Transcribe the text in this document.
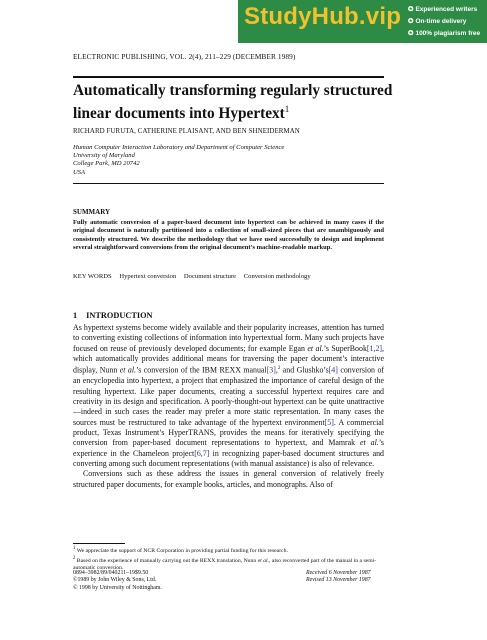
StudyHub.vip ✪ Experienced writers
✪ On-time delivery
✪ 100% plagiarism free
ELECTRONIC PUBLISHING, VOL. 2(4), 211–229 (DECEMBER 1989)
Automatically transforming regularly structured linear documents into Hypertext$^1$
RICHARD FURUTA, CATHERINE PLAISANT, AND BEN SHNEIDERMAN
Human Computer Interaction Laboratory and Department of Computer Science
University of Maryland
College Park, MD 20742
USA
SUMMARY
Fully automatic conversion of a paper-based document into hypertext can be achieved in many cases if the original document is naturally partitioned into a collection of small-sized pieces that are unambiguously and consistently structured. We describe the methodology that we have used successfully to design and implement several straightforward conversions from the original document’s machine-readable markup.
KEY WORDS Hypertext conversion Document structure Conversion methodology
1 INTRODUCTION

As hypertext systems become widely available and their popularity increases, attention has turned to converting existing collections of information into hypertextual form. Many such projects have focused on reuse of previously developed documents; for example Egan et al.’s SuperBook[1,2], which automatically provides additional means for traversing the paper document’s interactive display, Nunn et al.’s conversion of the IBM REXX manual[3],$^2$ and Glushko’s[4] conversion of an encyclopedia into hypertext, a project that emphasized the importance of careful design of the resulting hypertext. Like paper documents, creating a successful hypertext requires care and creativity in its design and specification. A poorly-thought-out hypertext can be quite unattractive—indeed in such cases the reader may prefer a more static representation. In many cases the sources must be restructured to take advantage of the hypertext environment[5]. A commercial product, Texas Instrument’s HyperTRANS, provides the means for iteratively specifying the conversion from paper-based document representations to hypertext, and Mamrak et al.’s experience in the Chameleon project[6,7] in recognizing paper-based document structures and converting among such document representations (with manual assistance) is also of relevance.

Conversions such as these address the issues in general conversion of relatively freely structured paper documents, for example books, articles, and monographs. Also of

$^1$ We appreciate the support of NCR Corporation in providing partial funding for this research.

$^2$ Based on the experience of manually carrying out the REXX translation, Nunn et al., also reconverted part of the manual in a semi-automatic conversion.

0894–3982/89/040211–19$9.50

©1989 by John Wiley & Sons, Ltd.

© 1998 by University of Nottingham.

Received 6 November 1987

Revised 13 November 1987
